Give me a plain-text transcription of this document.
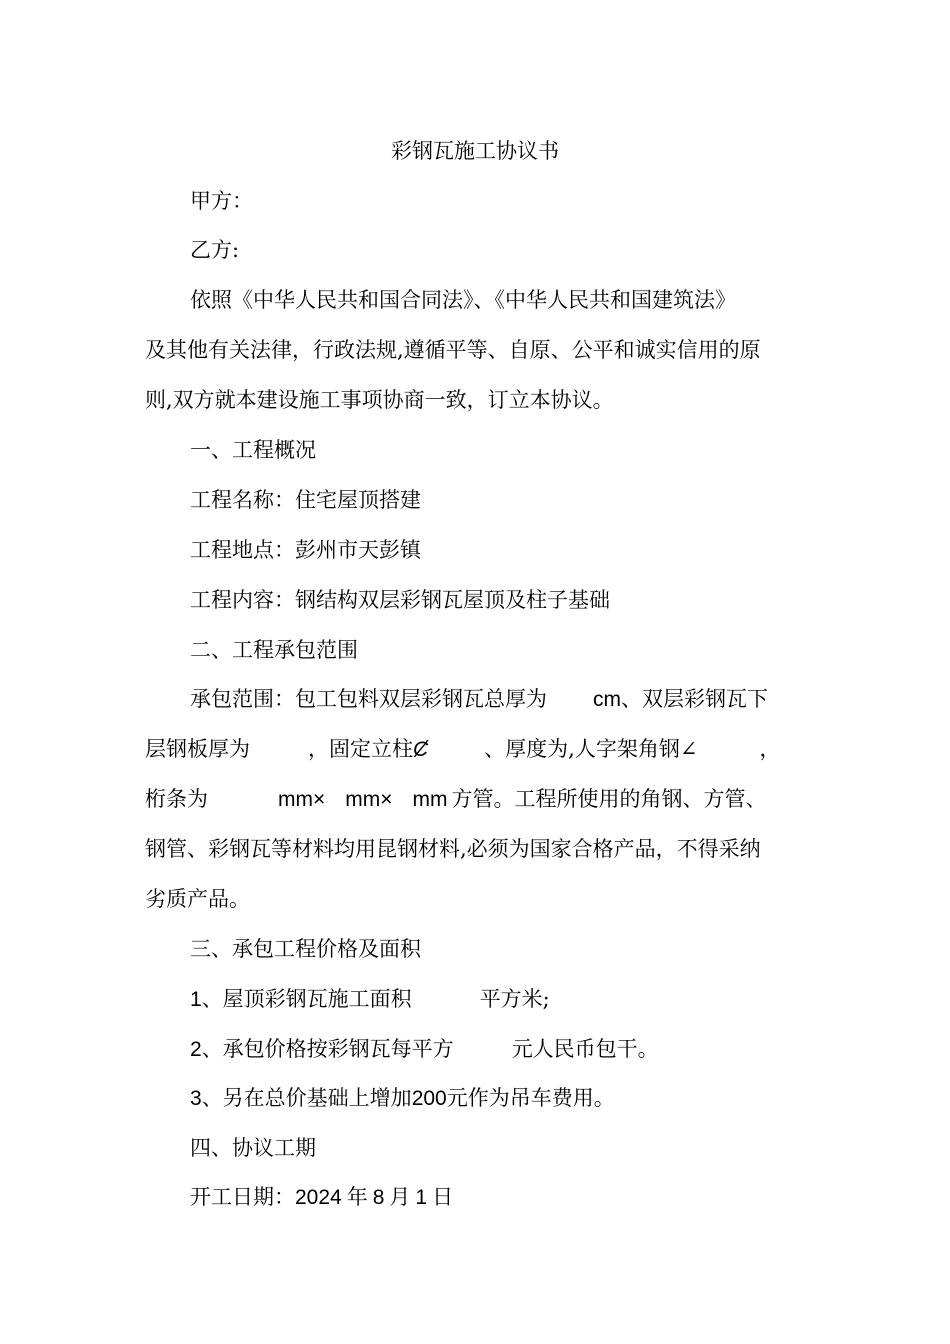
彩钢瓦施工协议书
甲方：
乙方:
依照《中华人民共和国合同法》、《中华人民共和国建筑法》
及其他有关法律，行政法规,遵循平等、自原、公平和诚实信用的原
则,双方就本建设施工事项协商一致，订立本协议。
一、工程概况
工程名称：住宅屋顶搭建
工程地点：彭州市天彭镇
工程内容：钢结构双层彩钢瓦屋顶及柱子基础
二、工程承包范围
承包范围：包工包料双层彩钢瓦总厚为 cm、双层彩钢瓦下
层钢板厚为	，固定立柱Ȼ	、厚度为,人字架角钢∠	，
桁条为	mm× mm× mm 方管。工程所使用的角钢、方管、
钢管、彩钢瓦等材料均用昆钢材料,必须为国家合格产品，不得采纳
劣质产品。
三、承包工程价格及面积
1、屋顶彩钢瓦施工面积	平方米;
2、承包价格按彩钢瓦每平方	元人民币包干。
3、另在总价基础上增加200元作为吊车费用。
四、协议工期
开工日期：2024 年 8 月 1 日
